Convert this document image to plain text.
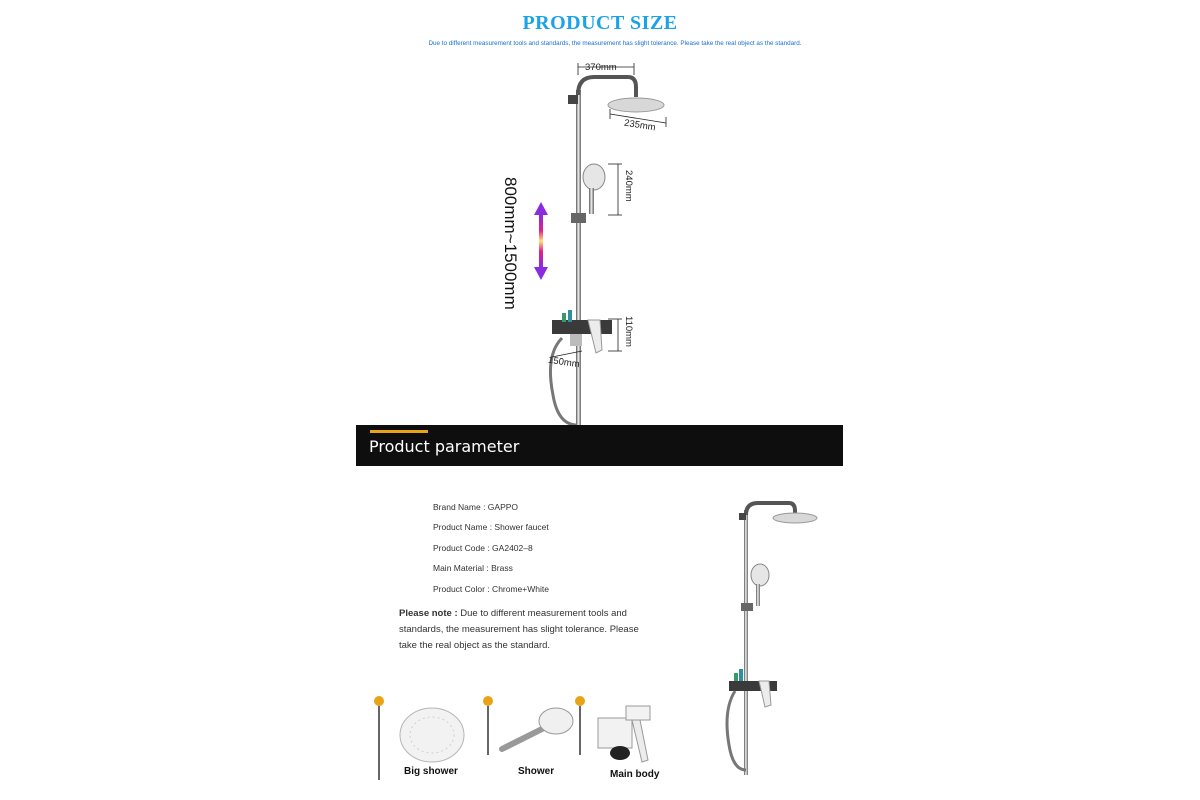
PRODUCT SIZE
Due to different measurement tools and standards, the measurement has slight tolerance. Please take the real object as the standard.
370mm
235mm
240mm
800mm~1500mm
110mm
150mm
Product parameter
Brand Name : GAPPO
Product Name : Shower faucet
Product Code : GA2402–8
Main Material : Brass
Product Color : Chrome+White
Please note : Due to different measurement tools and standards, the measurement has slight tolerance. Please take the real object as the standard.
Big shower	Shower	Main body
